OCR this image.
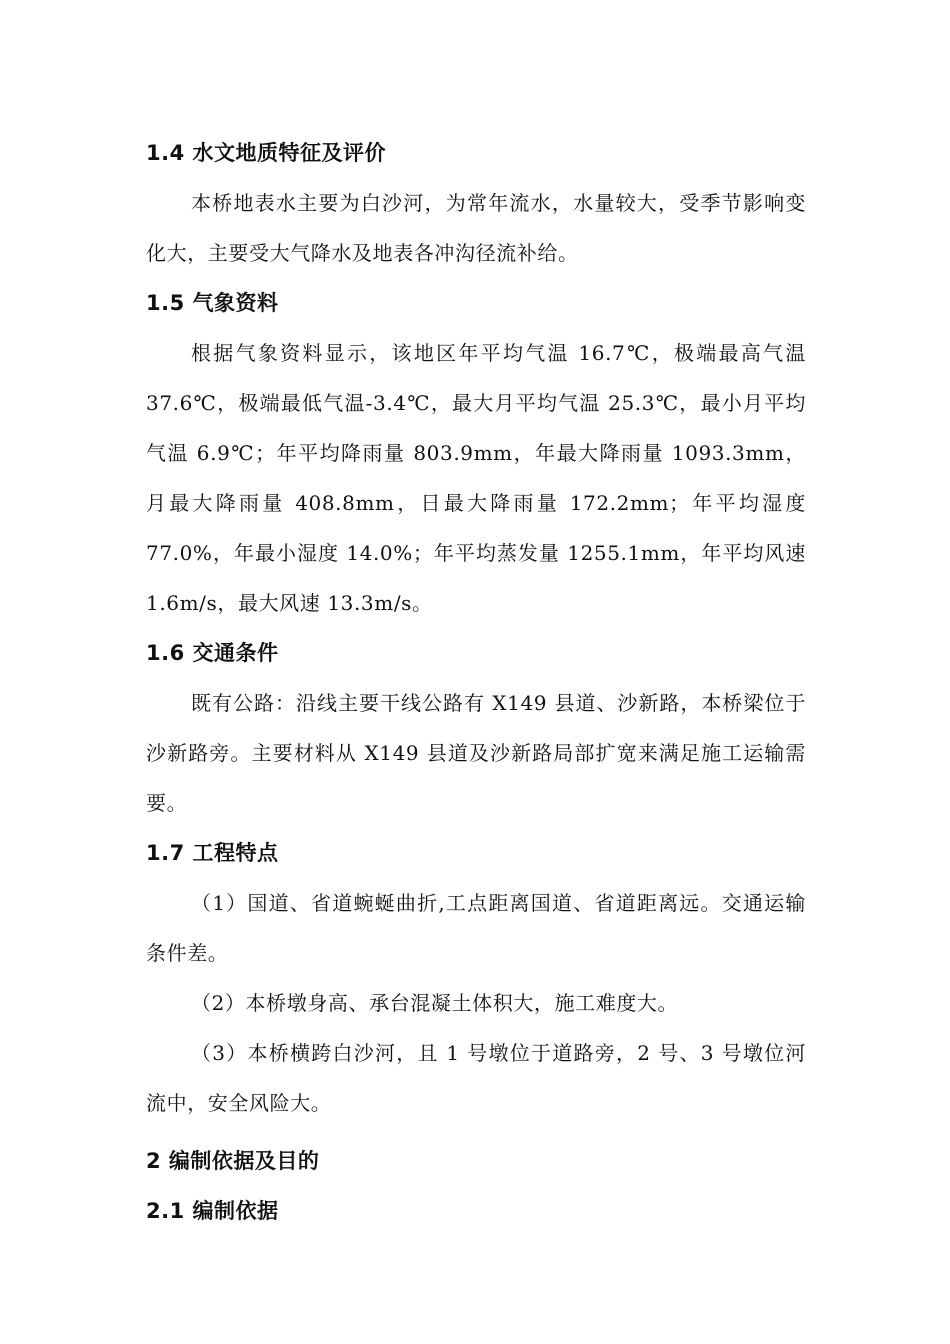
1.4 水文地质特征及评价

本桥地表水主要为白沙河，为常年流水，水量较大，受季节影响变化大，主要受大气降水及地表各冲沟径流补给。

1.5 气象资料

根据气象资料显示，该地区年平均气温 16.7℃，极端最高气温 37.6℃，极端最低气温-3.4℃，最大月平均气温 25.3℃，最小月平均气温 6.9℃；年平均降雨量 803.9mm，年最大降雨量 1093.3mm，月最大降雨量 408.8mm，日最大降雨量 172.2mm；年平均湿度 77.0%，年最小湿度 14.0%；年平均蒸发量 1255.1mm，年平均风速 1.6m/s，最大风速 13.3m/s。

1.6 交通条件

既有公路：沿线主要干线公路有 X149 县道、沙新路，本桥梁位于沙新路旁。主要材料从 X149 县道及沙新路局部扩宽来满足施工运输需要。

1.7 工程特点

（1）国道、省道蜿蜒曲折,工点距离国道、省道距离远。交通运输条件差。

（2）本桥墩身高、承台混凝土体积大，施工难度大。

（3）本桥横跨白沙河，且 1 号墩位于道路旁，2 号、3 号墩位河流中，安全风险大。

2 编制依据及目的
2.1 编制依据
